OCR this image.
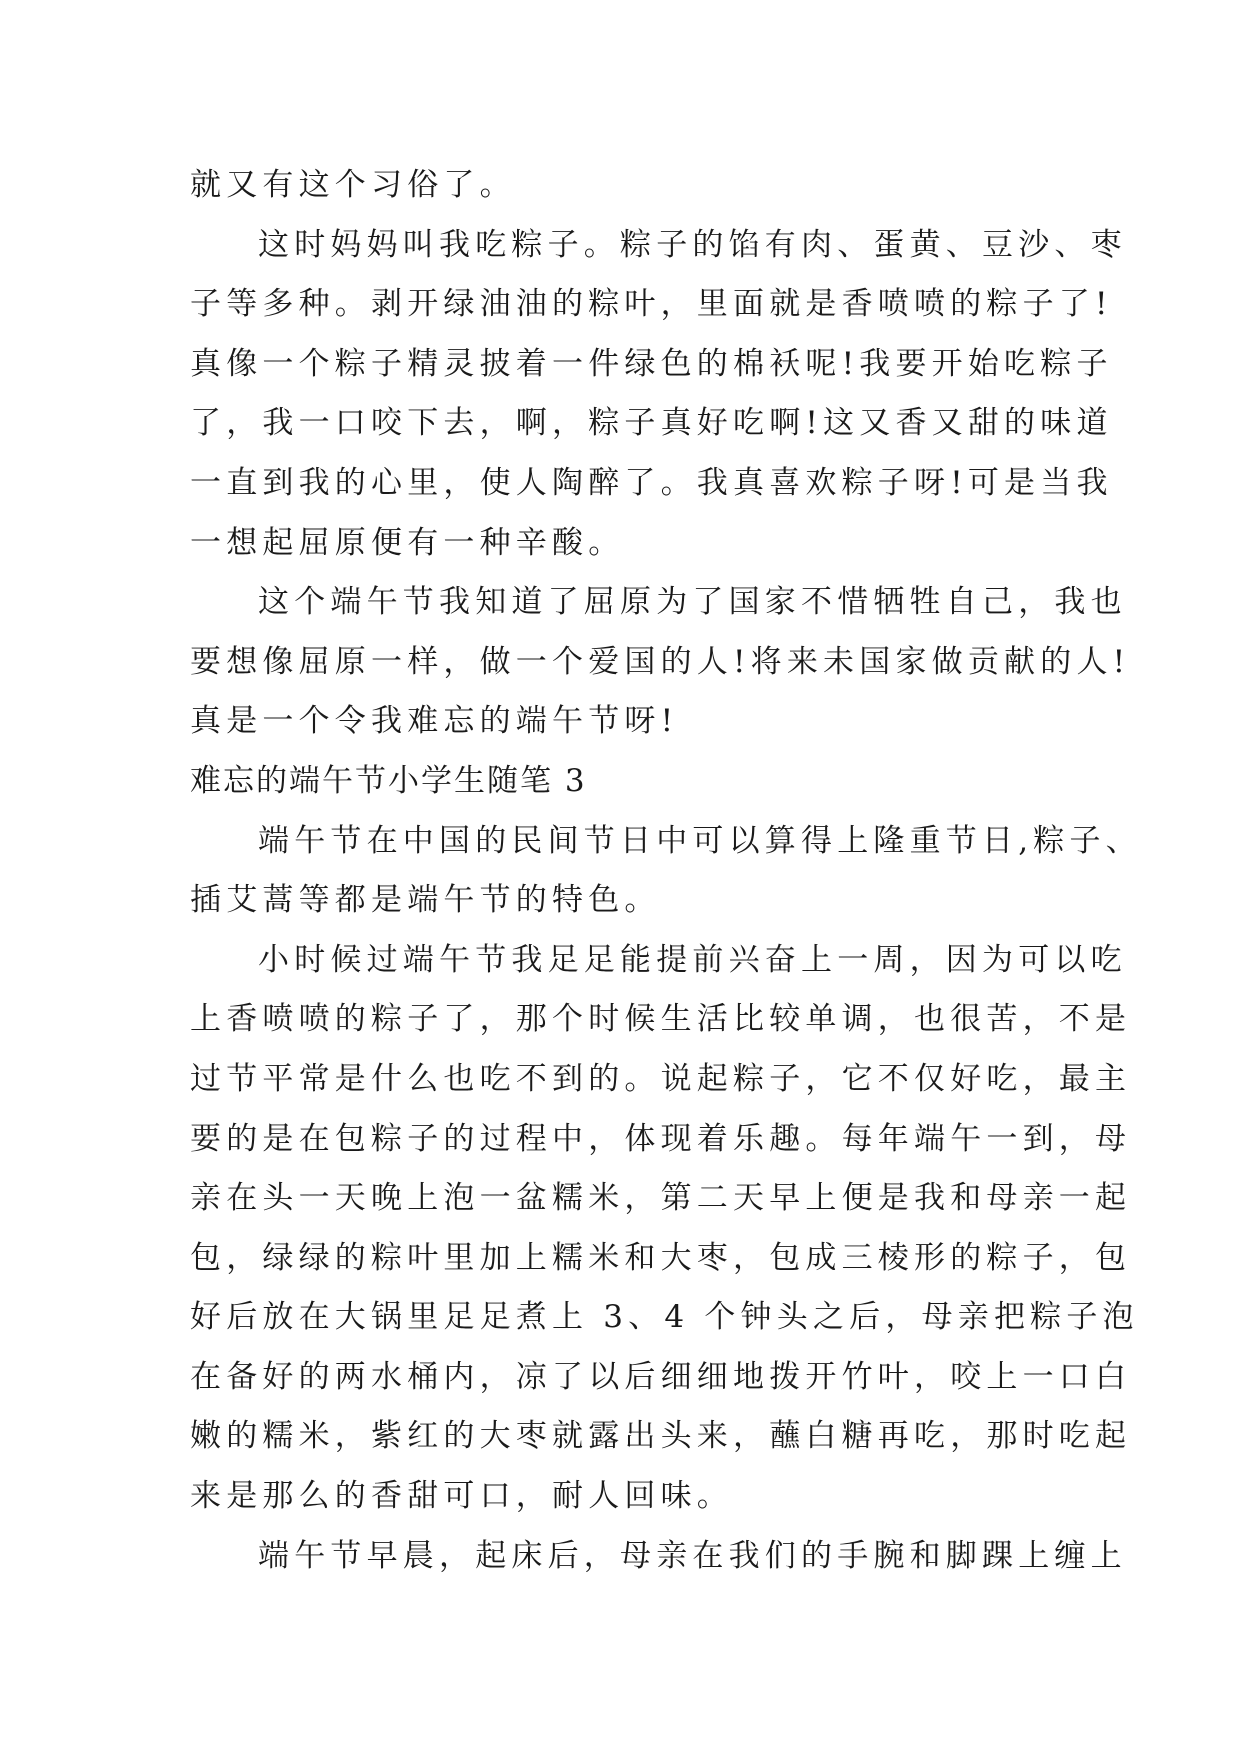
就又有这个习俗了。
这时妈妈叫我吃粽子。粽子的馅有肉、蛋黄、豆沙、枣
子等多种。剥开绿油油的粽叶，里面就是香喷喷的粽子了!
真像一个粽子精灵披着一件绿色的棉袄呢!我要开始吃粽子
了，我一口咬下去，啊，粽子真好吃啊!这又香又甜的味道
一直到我的心里，使人陶醉了。我真喜欢粽子呀!可是当我
一想起屈原便有一种辛酸。
这个端午节我知道了屈原为了国家不惜牺牲自己，我也
要想像屈原一样，做一个爱国的人!将来未国家做贡献的人!
真是一个令我难忘的端午节呀!
难忘的端午节小学生随笔 3
端午节在中国的民间节日中可以算得上隆重节日,粽子、
插艾蒿等都是端午节的特色。
小时候过端午节我足足能提前兴奋上一周，因为可以吃
上香喷喷的粽子了，那个时候生活比较单调，也很苦，不是
过节平常是什么也吃不到的。说起粽子，它不仅好吃，最主
要的是在包粽子的过程中，体现着乐趣。每年端午一到，母
亲在头一天晚上泡一盆糯米，第二天早上便是我和母亲一起
包，绿绿的粽叶里加上糯米和大枣，包成三棱形的粽子，包
好后放在大锅里足足煮上 3、4 个钟头之后，母亲把粽子泡
在备好的两水桶内，凉了以后细细地拨开竹叶，咬上一口白
嫩的糯米，紫红的大枣就露出头来，蘸白糖再吃，那时吃起
来是那么的香甜可口，耐人回味。
端午节早晨，起床后，母亲在我们的手腕和脚踝上缠上
